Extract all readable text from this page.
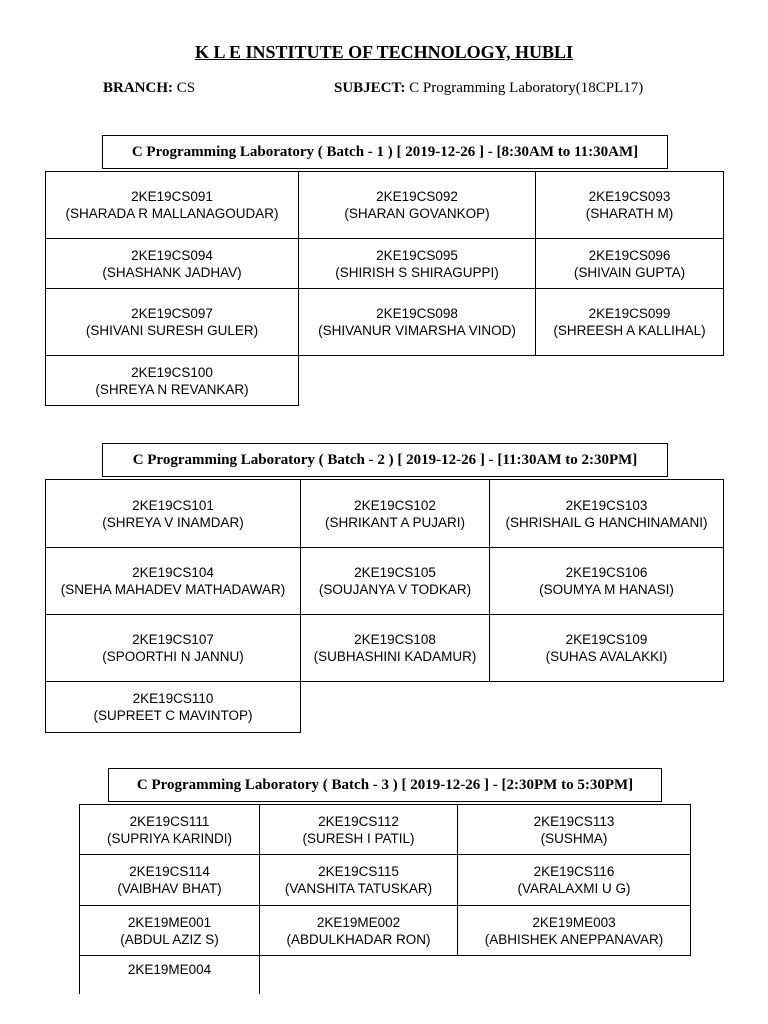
K L E INSTITUTE OF TECHNOLOGY, HUBLI
BRANCH: CS	SUBJECT: C Programming Laboratory(18CPL17)
C Programming Laboratory ( Batch - 1 ) [ 2019-12-26 ] - [8:30AM to 11:30AM]
2KE19CS091
(SHARADA R MALLANAGOUDAR)	2KE19CS092
(SHARAN GOVANKOP)	2KE19CS093
(SHARATH M)

2KE19CS094
(SHASHANK JADHAV)	2KE19CS095
(SHIRISH S SHIRAGUPPI)	2KE19CS096
(SHIVAIN GUPTA)

2KE19CS097
(SHIVANI SURESH GULER)	2KE19CS098
(SHIVANUR VIMARSHA VINOD)	2KE19CS099
(SHREESH A KALLIHAL)

2KE19CS100
(SHREYA N REVANKAR)		

C Programming Laboratory ( Batch - 2 ) [ 2019-12-26 ] - [11:30AM to 2:30PM]
2KE19CS101
(SHREYA V INAMDAR)	2KE19CS102
(SHRIKANT A PUJARI)	2KE19CS103
(SHRISHAIL G HANCHINAMANI)

2KE19CS104
(SNEHA MAHADEV MATHADAWAR)	2KE19CS105
(SOUJANYA V TODKAR)	2KE19CS106
(SOUMYA M HANASI)

2KE19CS107
(SPOORTHI N JANNU)	2KE19CS108
(SUBHASHINI KADAMUR)	2KE19CS109
(SUHAS AVALAKKI)

2KE19CS110
(SUPREET C MAVINTOP)		

C Programming Laboratory ( Batch - 3 ) [ 2019-12-26 ] - [2:30PM to 5:30PM]
2KE19CS111
(SUPRIYA KARINDI)	2KE19CS112
(SURESH I PATIL)	2KE19CS113
(SUSHMA)

2KE19CS114
(VAIBHAV BHAT)	2KE19CS115
(VANSHITA TATUSKAR)	2KE19CS116
(VARALAXMI U G)

2KE19ME001
(ABDUL AZIZ S)	2KE19ME002
(ABDULKHADAR RON)	2KE19ME003
(ABHISHEK ANEPPANAVAR)

2KE19ME004		
